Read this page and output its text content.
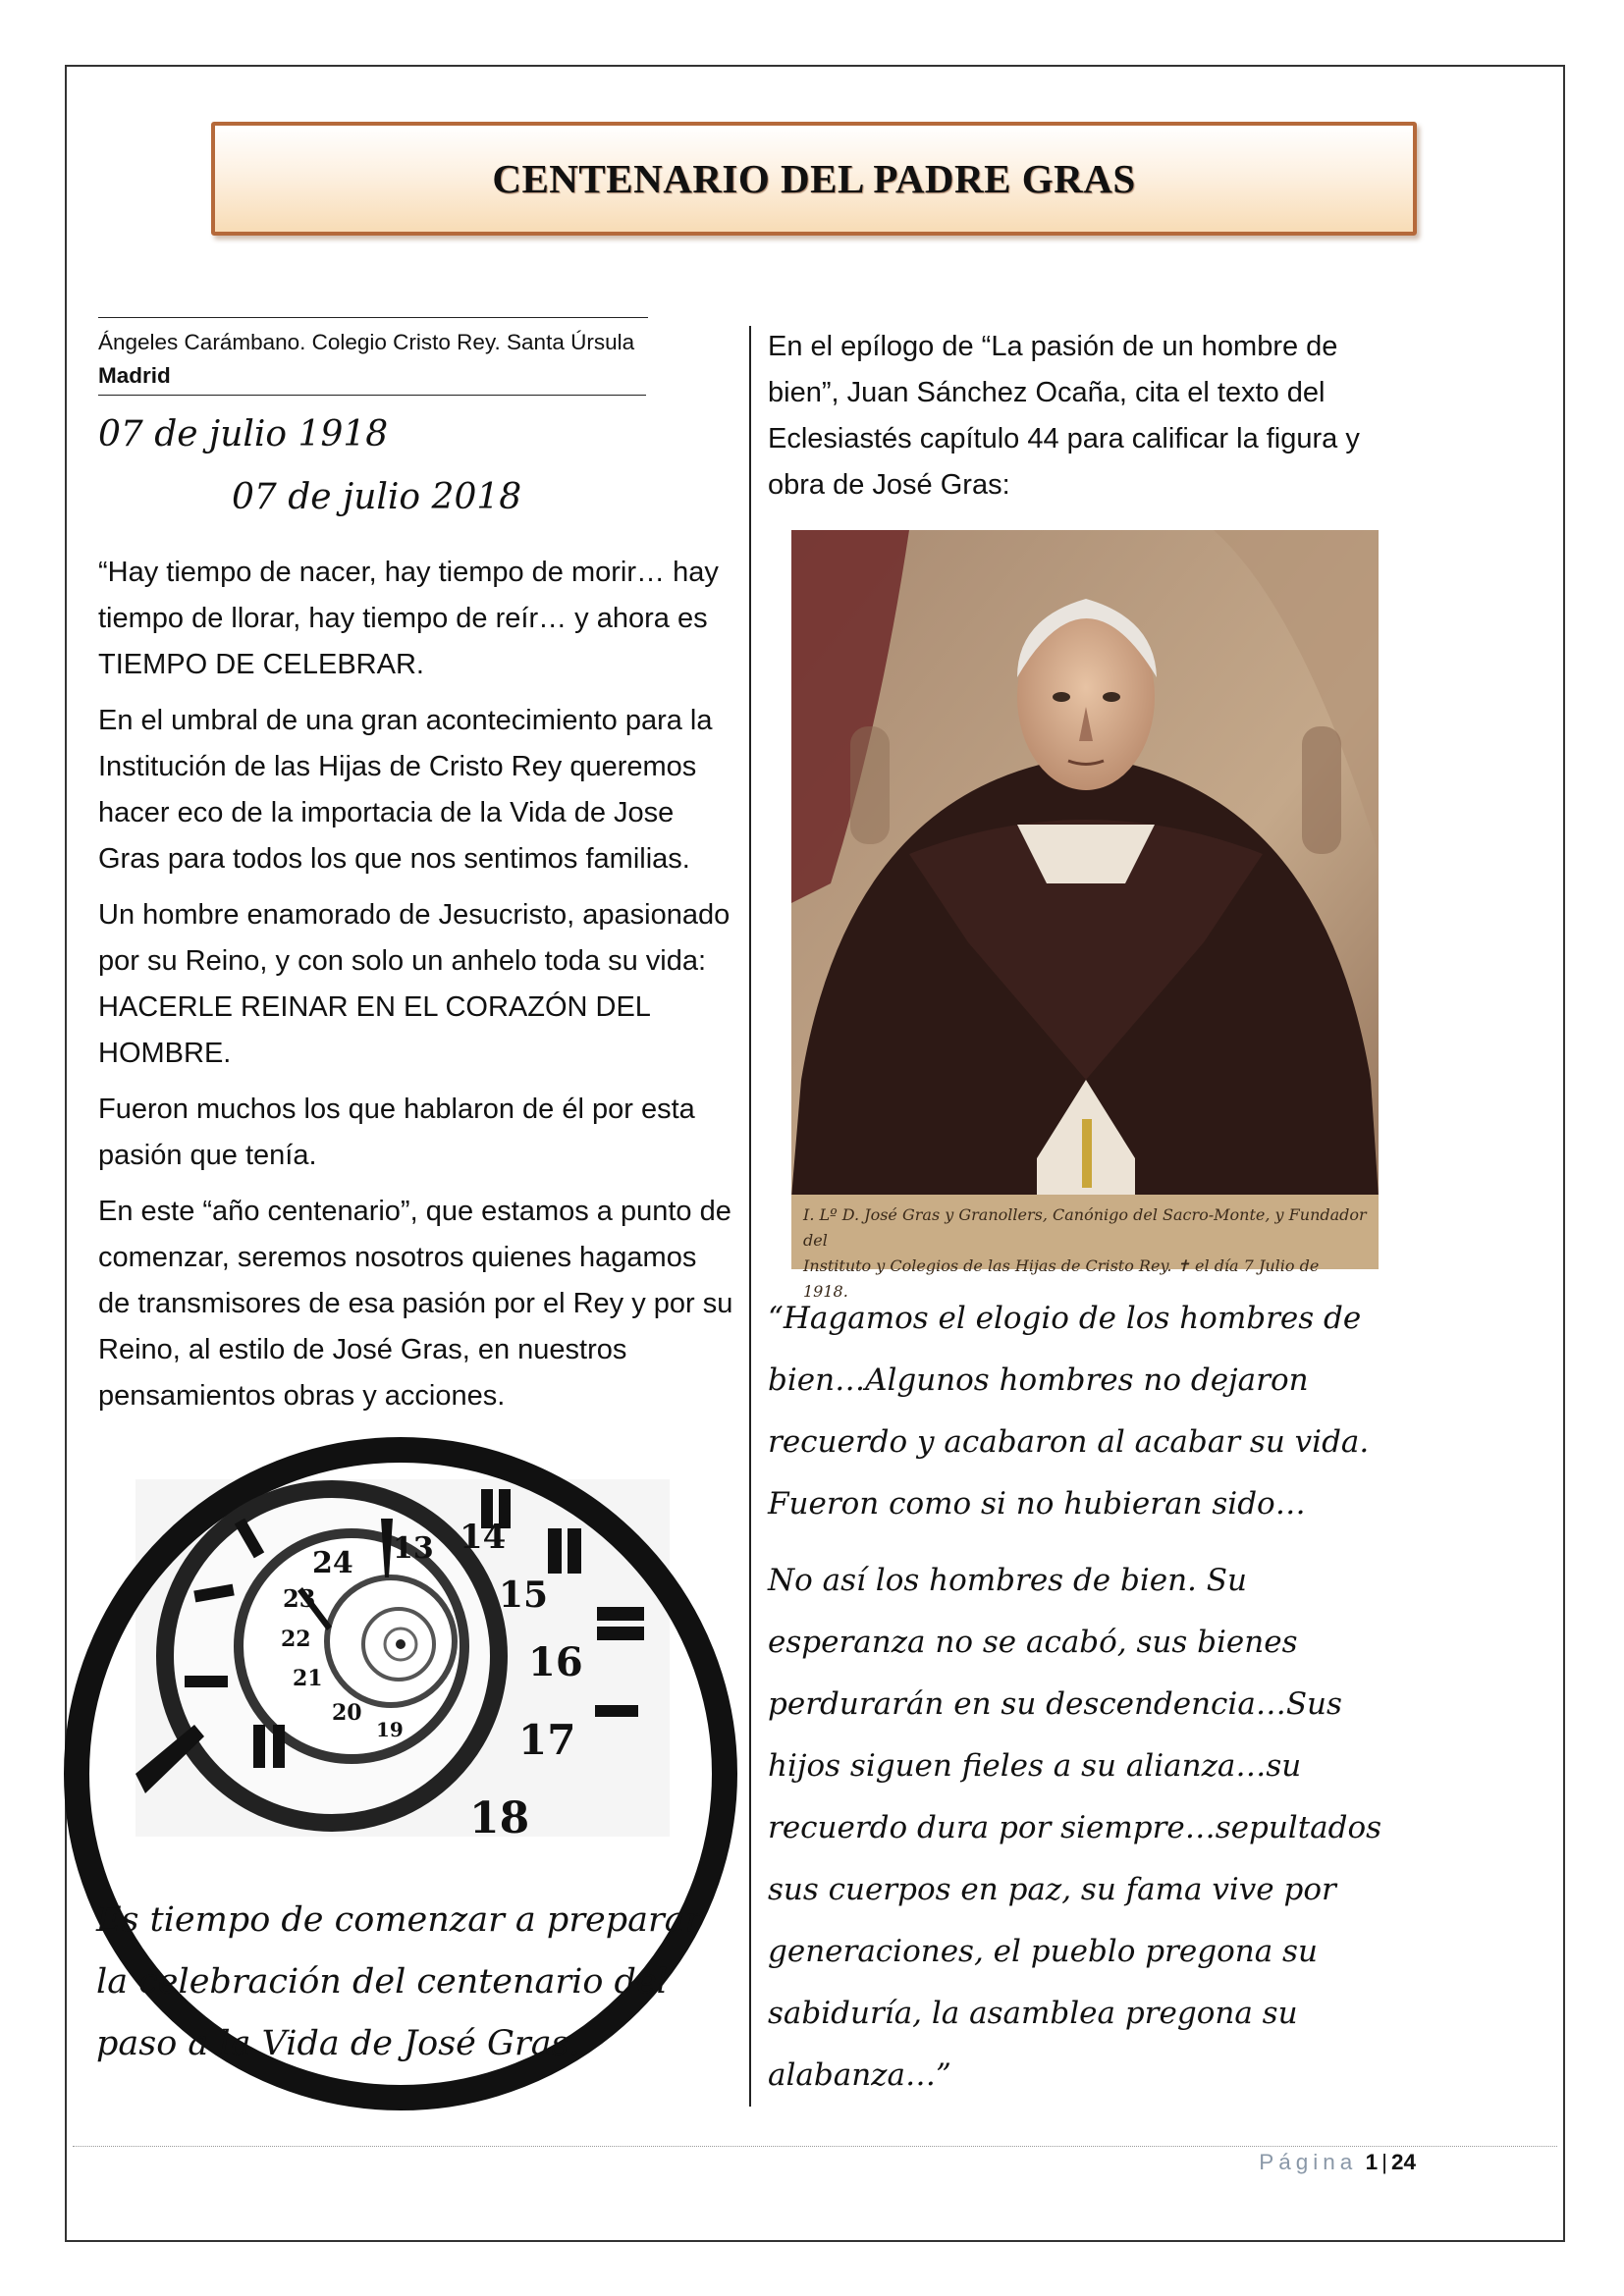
CENTENARIO DEL PADRE GRAS
Ángeles Carámbano. Colegio Cristo Rey. Santa Úrsula
Madrid
07 de julio 1918
07 de julio 2018

“Hay tiempo de nacer, hay tiempo de morir… hay tiempo de llorar, hay tiempo de reír… y ahora es TIEMPO DE CELEBRAR.

En el umbral de una gran acontecimiento para la Institución de las Hijas de Cristo Rey queremos hacer eco de la importacia de la Vida de Jose Gras para todos los que nos sentimos familias.

Un hombre enamorado de Jesucristo, apasionado por su Reino, y con solo un anhelo toda su vida: HACERLE REINAR EN EL CORAZÓN DEL HOMBRE.

Fueron muchos los que hablaron de él por esta pasión que tenía.

En este “año centenario”, que estamos a punto de comenzar, seremos nosotros quienes hagamos de transmisores de esa pasión por el Rey y por su Reino, al estilo de José Gras, en nuestros pensamientos obras y acciones.

24 13 14
15
16
17
18
23
22
21
20
19
Es tiempo de comenzar a preparar la celebración del centenario del paso a la Vida de José Gras.

En el epílogo de “La pasión de un hombre de bien”, Juan Sánchez Ocaña, cita el texto del Eclesiastés capítulo 44 para calificar la figura y obra de José Gras:

I. Lº D. José Gras y Granollers, Canónigo del Sacro-Monte, y Fundador del
Instituto y Colegios de las Hijas de Cristo Rey. ✝ el día 7 Julio de 1918.

“Hagamos el elogio de los hombres de bien…Algunos hombres no dejaron recuerdo y acabaron al acabar su vida. Fueron como si no hubieran sido…

No así los hombres de bien. Su esperanza no se acabó, sus bienes perdurarán en su descendencia…Sus hijos siguen fieles a su alianza…su recuerdo dura por siempre…sepultados sus cuerpos en paz, su fama vive por generaciones, el pueblo pregona su sabiduría, la asamblea pregona su alabanza…”

Página 1 | 24
